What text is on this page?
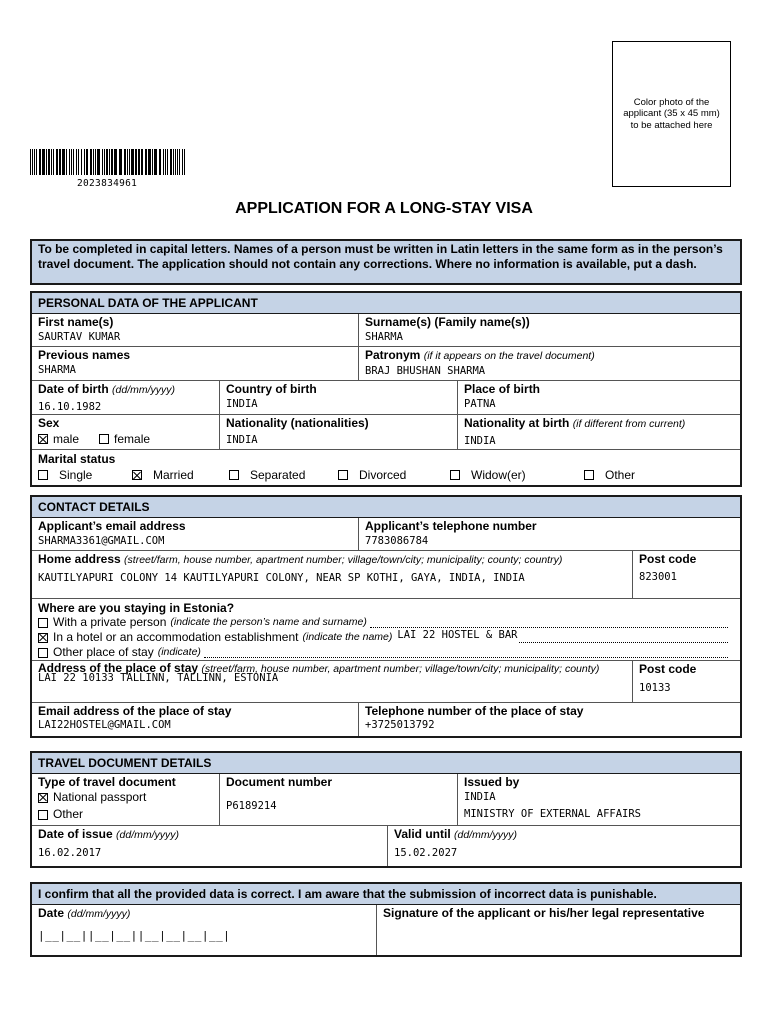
Color photo of the applicant (35 x 45 mm) to be attached here
2023834961
APPLICATION FOR A LONG-STAY VISA
To be completed in capital letters. Names of a person must be written in Latin letters in the same form as in the person’s travel document. The application should not contain any corrections. Where no information is available, put a dash.
PERSONAL DATA OF THE APPLICANT
First name(s)
SAURTAV KUMAR
Surname(s) (Family name(s))
SHARMA
Previous names
SHARMA
Patronym (if it appears on the travel document)
BRAJ BHUSHAN SHARMA
Date of birth (dd/mm/yyyy)
16.10.1982
Country of birth
INDIA
Place of birth
PATNA
Sex
male	female
Nationality (nationalities)
INDIA
Nationality at birth (if different from current)
INDIA
Marital status
Single	Married	Separated	Divorced	Widow(er)	Other
CONTACT DETAILS
Applicant’s email address
SHARMA3361@GMAIL.COM
Applicant’s telephone number
7783086784
Home address (street/farm, house number, apartment number; village/town/city; municipality; county; country)
KAUTILYAPURI COLONY 14 KAUTILYAPURI COLONY, NEAR SP KOTHI, GAYA, INDIA, INDIA
Post code
823001
Where are you staying in Estonia?
With a private person (indicate the person’s name and surname)
In a hotel or an accommodation establishment (indicate the name) LAI 22 HOSTEL & BAR
Other place of stay (indicate)
Address of the place of stay (street/farm, house number, apartment number; village/town/city; municipality; county)
LAI 22 10133 TALLINN, TALLINN, ESTONIA
Post code
10133
Email address of the place of stay
LAI22HOSTEL@GMAIL.COM
Telephone number of the place of stay
+3725013792
TRAVEL DOCUMENT DETAILS
Type of travel document
National passport
Other
Document number
P6189214
Issued by
INDIA
MINISTRY OF EXTERNAL AFFAIRS
Date of issue (dd/mm/yyyy)
16.02.2017
Valid until (dd/mm/yyyy)
15.02.2027
I confirm that all the provided data is correct. I am aware that the submission of incorrect data is punishable.
Date (dd/mm/yyyy)
|__|__||__|__||__|__|__|__|
Signature of the applicant or his/her legal representative
